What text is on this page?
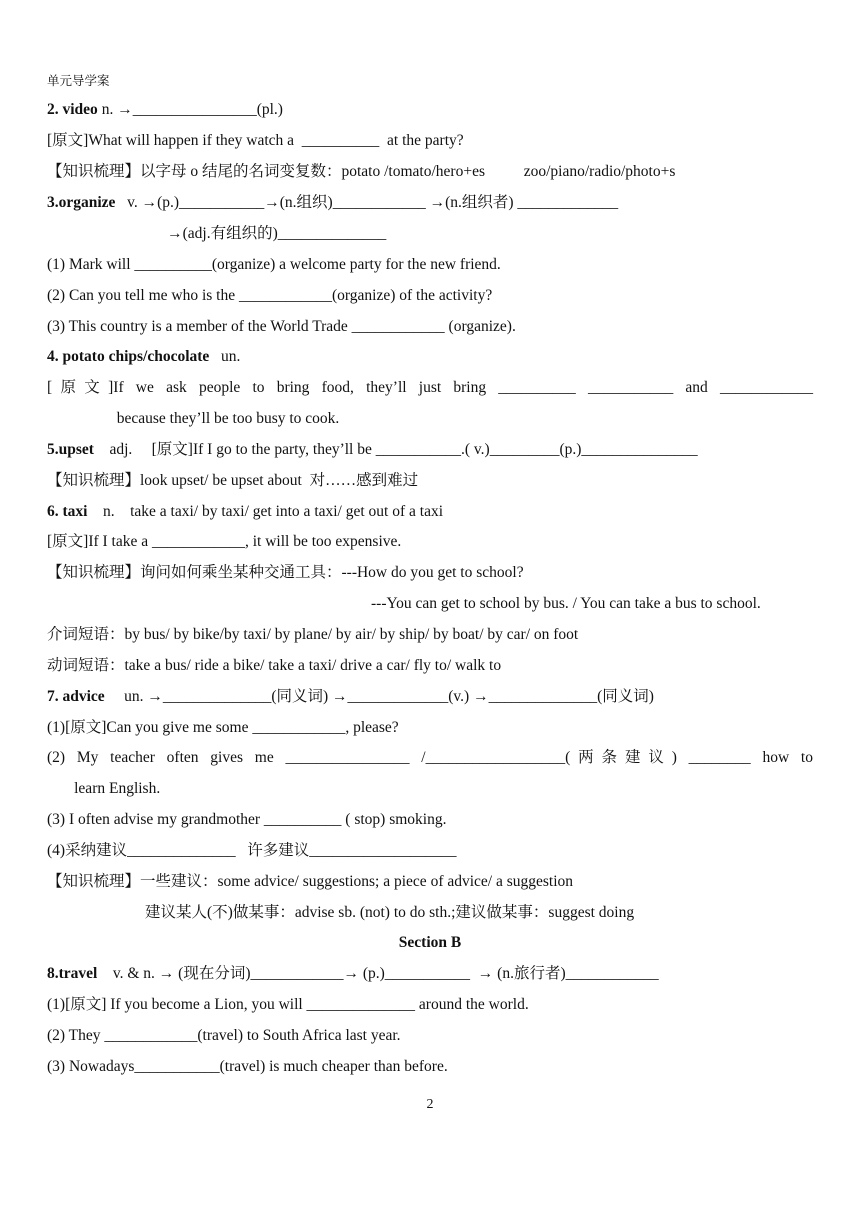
单元导学案
2. video n. →________________(pl.)
[原文]What will happen if they watch a  __________  at the party?
【知识梳理】以字母 o 结尾的名词变复数：potato /tomato/hero+es          zoo/piano/radio/photo+s
3.organize   v. →(p.)___________→(n.组织)____________ →(n.组织者) _____________
→(adj.有组织的)______________
(1) Mark will __________(organize) a welcome party for the new friend.
(2) Can you tell me who is the ____________(organize) of the activity?
(3) This country is a member of the World Trade ____________ (organize).
4. potato chips/chocolate   un.
[原文]If we ask people to bring food, they’ll just bring __________ ___________ and ____________
because they’ll be too busy to cook.
5.upset    adj.     [原文]If I go to the party, they’ll be ___________.( v.)_________(p.)_______________
【知识梳理】look upset/ be upset about  对……感到难过
6. taxi    n.    take a taxi/ by taxi/ get into a taxi/ get out of a taxi
[原文]If I take a ____________, it will be too expensive.
【知识梳理】询问如何乘坐某种交通工具：---How do you get to school?
---You can get to school by bus. / You can take a bus to school.
介词短语：by bus/ by bike/by taxi/ by plane/ by air/ by ship/ by boat/ by car/ on foot
动词短语：take a bus/ ride a bike/ take a taxi/ drive a car/ fly to/ walk to
7. advice     un. →______________(同义词) →_____________(v.) →______________(同义词)
(1)[原文]Can you give me some ____________, please?
(2) My teacher often gives me ________________ /__________________(两条建议) ________ how to
learn English.
(3) I often advise my grandmother __________ ( stop) smoking.
(4)采纳建议______________   许多建议___________________
【知识梳理】一些建议：some advice/ suggestions; a piece of advice/ a suggestion
建议某人(不)做某事：advise sb. (not) to do sth.;建议做某事：suggest doing
Section B
8.travel    v. & n. → (现在分词)____________→ (p.)___________  → (n.旅行者)____________
(1)[原文] If you become a Lion, you will ______________ around the world.
(2) They ____________(travel) to South Africa last year.
(3) Nowadays___________(travel) is much cheaper than before.
2
